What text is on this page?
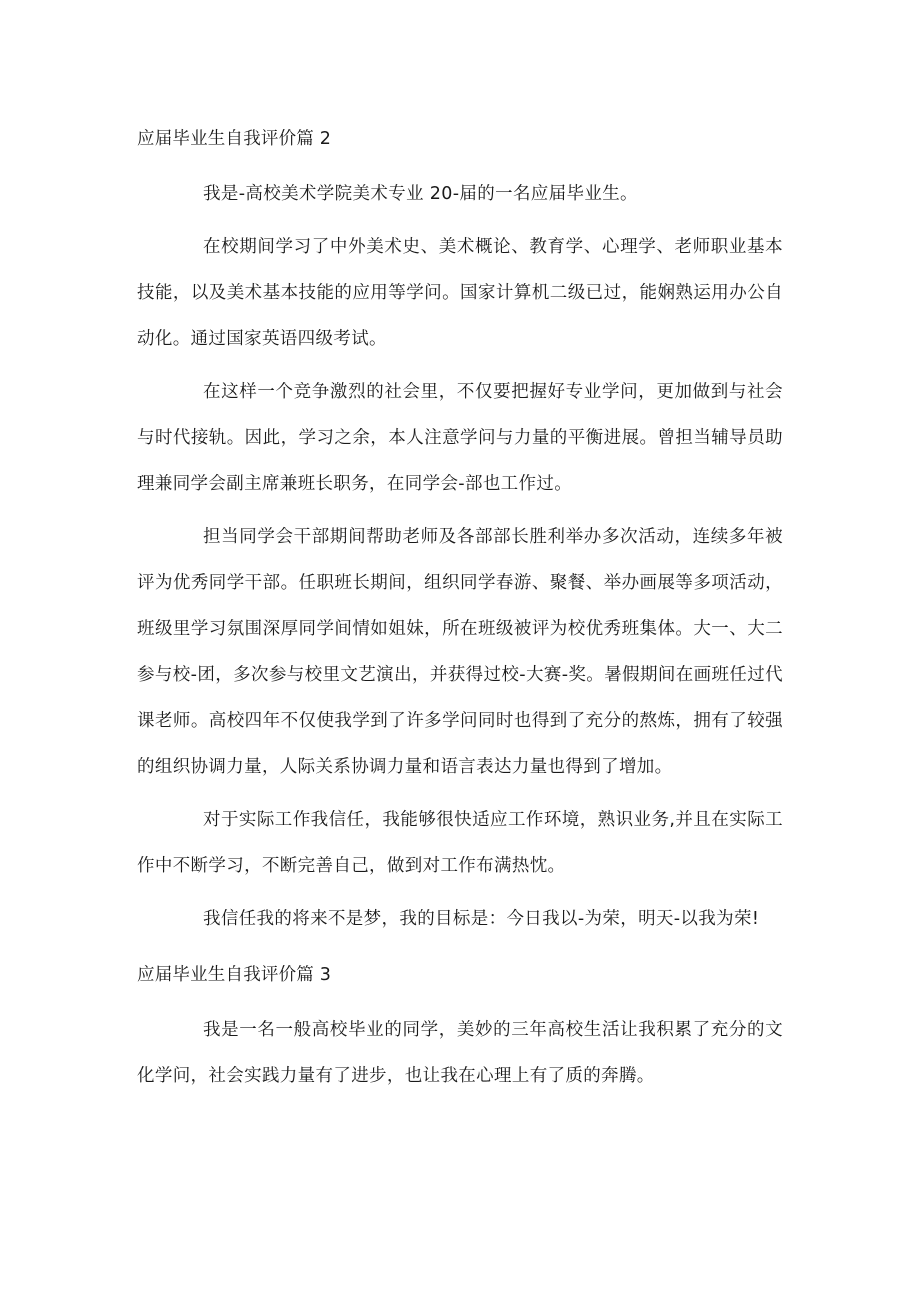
应届毕业生自我评价篇 2

我是-高校美术学院美术专业 20-届的一名应届毕业生。

在校期间学习了中外美术史、美术概论、教育学、心理学、老师职业基本技能，以及美术基本技能的应用等学问。国家计算机二级已过，能娴熟运用办公自动化。通过国家英语四级考试。

在这样一个竞争激烈的社会里，不仅要把握好专业学问，更加做到与社会与时代接轨。因此，学习之余，本人注意学问与力量的平衡进展。曾担当辅导员助理兼同学会副主席兼班长职务，在同学会-部也工作过。

担当同学会干部期间帮助老师及各部部长胜利举办多次活动，连续多年被评为优秀同学干部。任职班长期间，组织同学春游、聚餐、举办画展等多项活动，班级里学习氛围深厚同学间情如姐妹，所在班级被评为校优秀班集体。大一、大二参与校-团，多次参与校里文艺演出，并获得过校-大赛-奖。暑假期间在画班任过代课老师。高校四年不仅使我学到了许多学问同时也得到了充分的熬炼，拥有了较强的组织协调力量，人际关系协调力量和语言表达力量也得到了增加。

对于实际工作我信任，我能够很快适应工作环境，熟识业务,并且在实际工作中不断学习，不断完善自己，做到对工作布满热忱。

我信任我的将来不是梦，我的目标是：今日我以-为荣，明天-以我为荣!

应届毕业生自我评价篇 3

我是一名一般高校毕业的同学，美妙的三年高校生活让我积累了充分的文化学问，社会实践力量有了进步，也让我在心理上有了质的奔腾。
